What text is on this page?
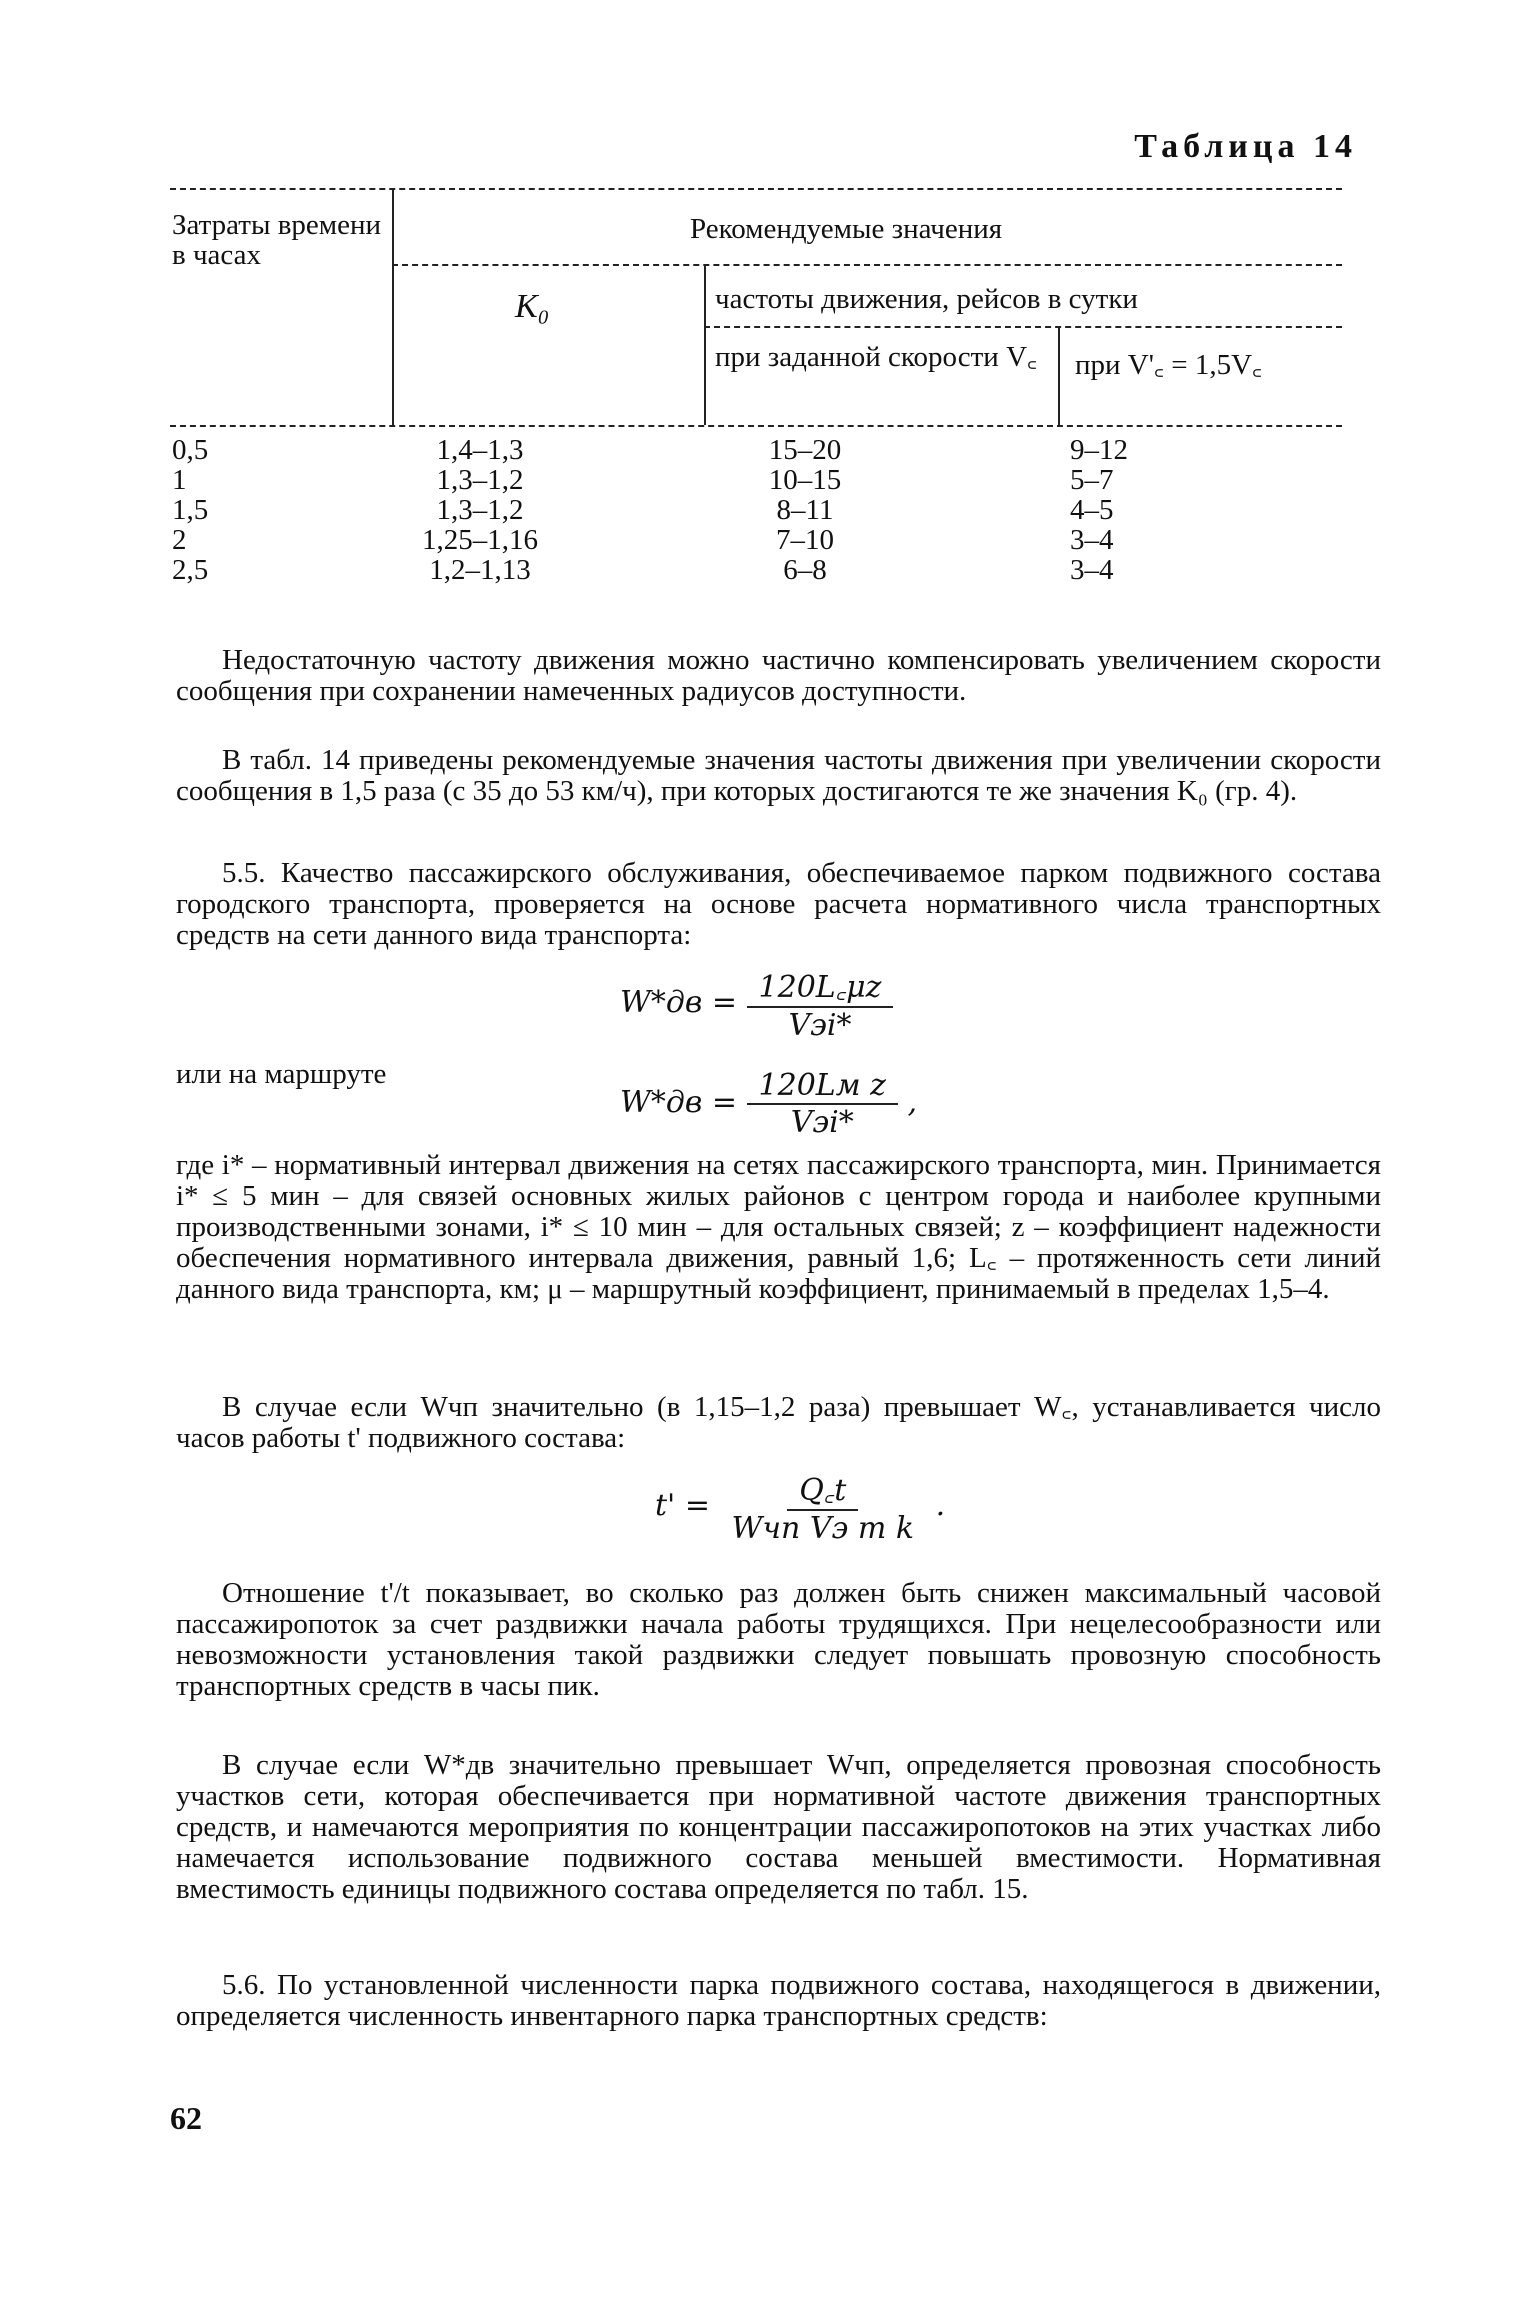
Таблица 14
Затраты времени в часах
Рекомендуемые значения
K₀	частоты движения, рейсов в сутки
при заданной скорости V꜀ при V'꜀ = 1,5V꜀
0,5
1
1,5
2
2,5
1,4–1,3
1,3–1,2
1,3–1,2
1,25–1,16
1,2–1,13
15–20
10–15
8–11
7–10
6–8
9–12
5–7
4–5
3–4
3–4
Недостаточную частоту движения можно частично компенсировать увеличением скорости сообщения при сохранении намеченных радиусов доступности.
В табл. 14 приведены рекомендуемые значения частоты движения при увеличении скорости сообщения в 1,5 раза (с 35 до 53 км/ч), при которых достигаются те же значения K₀ (гр. 4).
5.5. Качество пассажирского обслуживания, обеспечиваемое парком подвижного состава городского транспорта, проверяется на основе расчета нормативного числа транспортных средств на сети данного вида транспорта:
$W*дв = \frac{120L꜀\mu z}{\text{Vэi*}}$
или на маршруте
$W*дв = \frac{\text{120Lм z}}{\text{Vэi*}}$ ,
где i* – нормативный интервал движения на сетях пассажирского транспорта, мин. Принимается i* ≤ 5 мин – для связей основных жилых районов с центром города и наиболее крупными производственными зонами, i* ≤ 10 мин – для остальных связей; z – коэффициент надежности обеспечения нормативного интервала движения, равный 1,6; L꜀ – протяженность сети линий данного вида транспорта, км; μ – маршрутный коэффициент, принимаемый в пределах 1,5–4.
В случае если Wчп значительно (в 1,15–1,2 раза) превышает W꜀, устанавливается число часов работы t' подвижного состава:
$t' = \frac{Q꜀t}{\text{Wчп Vэ m k}}$ .
Отношение t'/t показывает, во сколько раз должен быть снижен максимальный часовой пассажиропоток за счет раздвижки начала работы трудящихся. При нецелесообразности или невозможности установления такой раздвижки следует повышать провозную способность транспортных средств в часы пик.
В случае если W*дв значительно превышает Wчп, определяется провозная способность участков сети, которая обеспечивается при нормативной частоте движения транспортных средств, и намечаются мероприятия по концентрации пассажиропотоков на этих участках либо намечается использование подвижного состава меньшей вместимости. Нормативная вместимость единицы подвижного состава определяется по табл. 15.
5.6. По установленной численности парка подвижного состава, находящегося в движении, определяется численность инвентарного парка транспортных средств:
62
